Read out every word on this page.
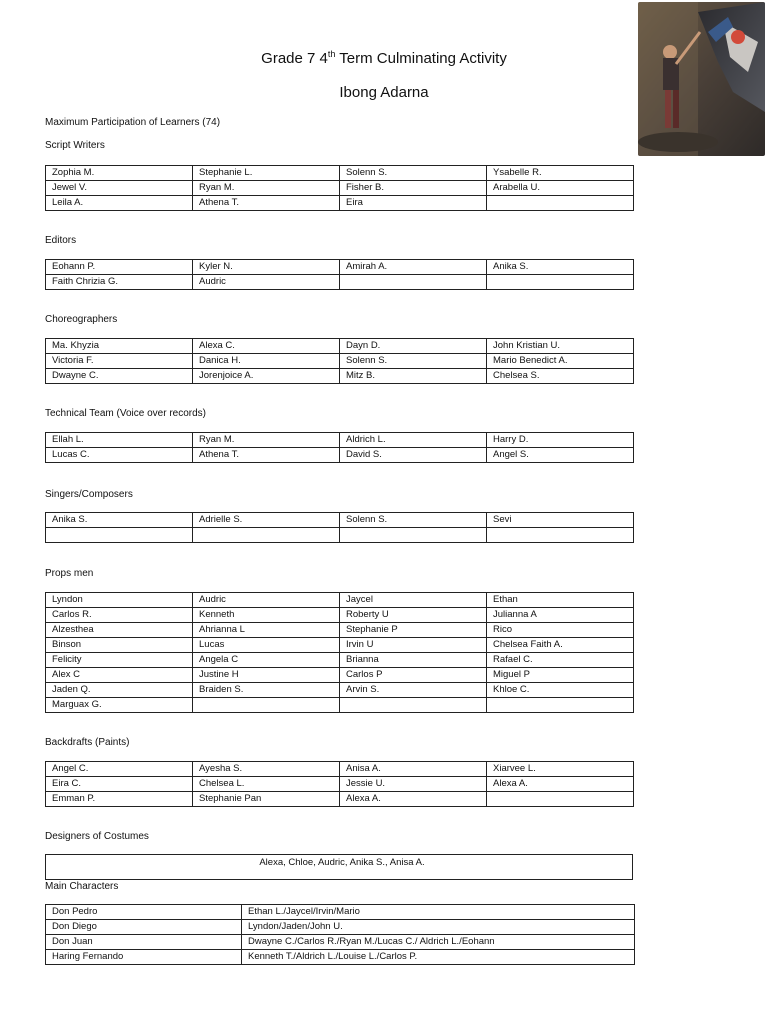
Grade 7 4th Term Culminating Activity
Ibong Adarna
Maximum Participation of Learners (74)
Script Writers
Zophia M.	Stephanie L.	Solenn S.	Ysabelle R.
Jewel V.	Ryan M.	Fisher B.	Arabella U.
Leila A.	Athena T.	Eira	
Editors
Eohann P.	Kyler N.	Amirah A.	Anika S.
Faith Chrizia G.	Audric		
Choreographers
Ma. Khyzia	Alexa C.	Dayn D.	John Kristian U.
Victoria F.	Danica H.	Solenn S.	Mario Benedict A.
Dwayne C.	Jorenjoice A.	Mitz B.	Chelsea S.
Technical Team (Voice over records)
Ellah L.	Ryan M.	Aldrich L.	Harry D.
Lucas C.	Athena T.	David S.	Angel S.
Singers/Composers
Anika S.	Adrielle S.	Solenn S.	Sevi

Props men
Lyndon	Audric	Jaycel	Ethan
Carlos R.	Kenneth	Roberty U	Julianna A
Alzesthea	Ahrianna L	Stephanie P	Rico
Binson	Lucas	Irvin U	Chelsea Faith A.
Felicity	Angela C	Brianna	Rafael C.
Alex C	Justine H	Carlos P	Miguel P
Jaden Q.	Braiden S.	Arvin S.	Khloe C.
Marguax G.			
Backdrafts (Paints)
Angel C.	Ayesha S.	Anisa A.	Xiarvee L.
Eira C.	Chelsea L.	Jessie U.	Alexa A.
Emman P.	Stephanie Pan	Alexa A.	
Designers of Costumes
Alexa, Chloe, Audric, Anika S., Anisa A.
Main Characters
Don Pedro	Ethan L./Jaycel/Irvin/Mario
Don Diego	Lyndon/Jaden/John U.
Don Juan	Dwayne C./Carlos R./Ryan M./Lucas C./ Aldrich L./Eohann
Haring Fernando	Kenneth T./Aldrich L./Louise L./Carlos P.
